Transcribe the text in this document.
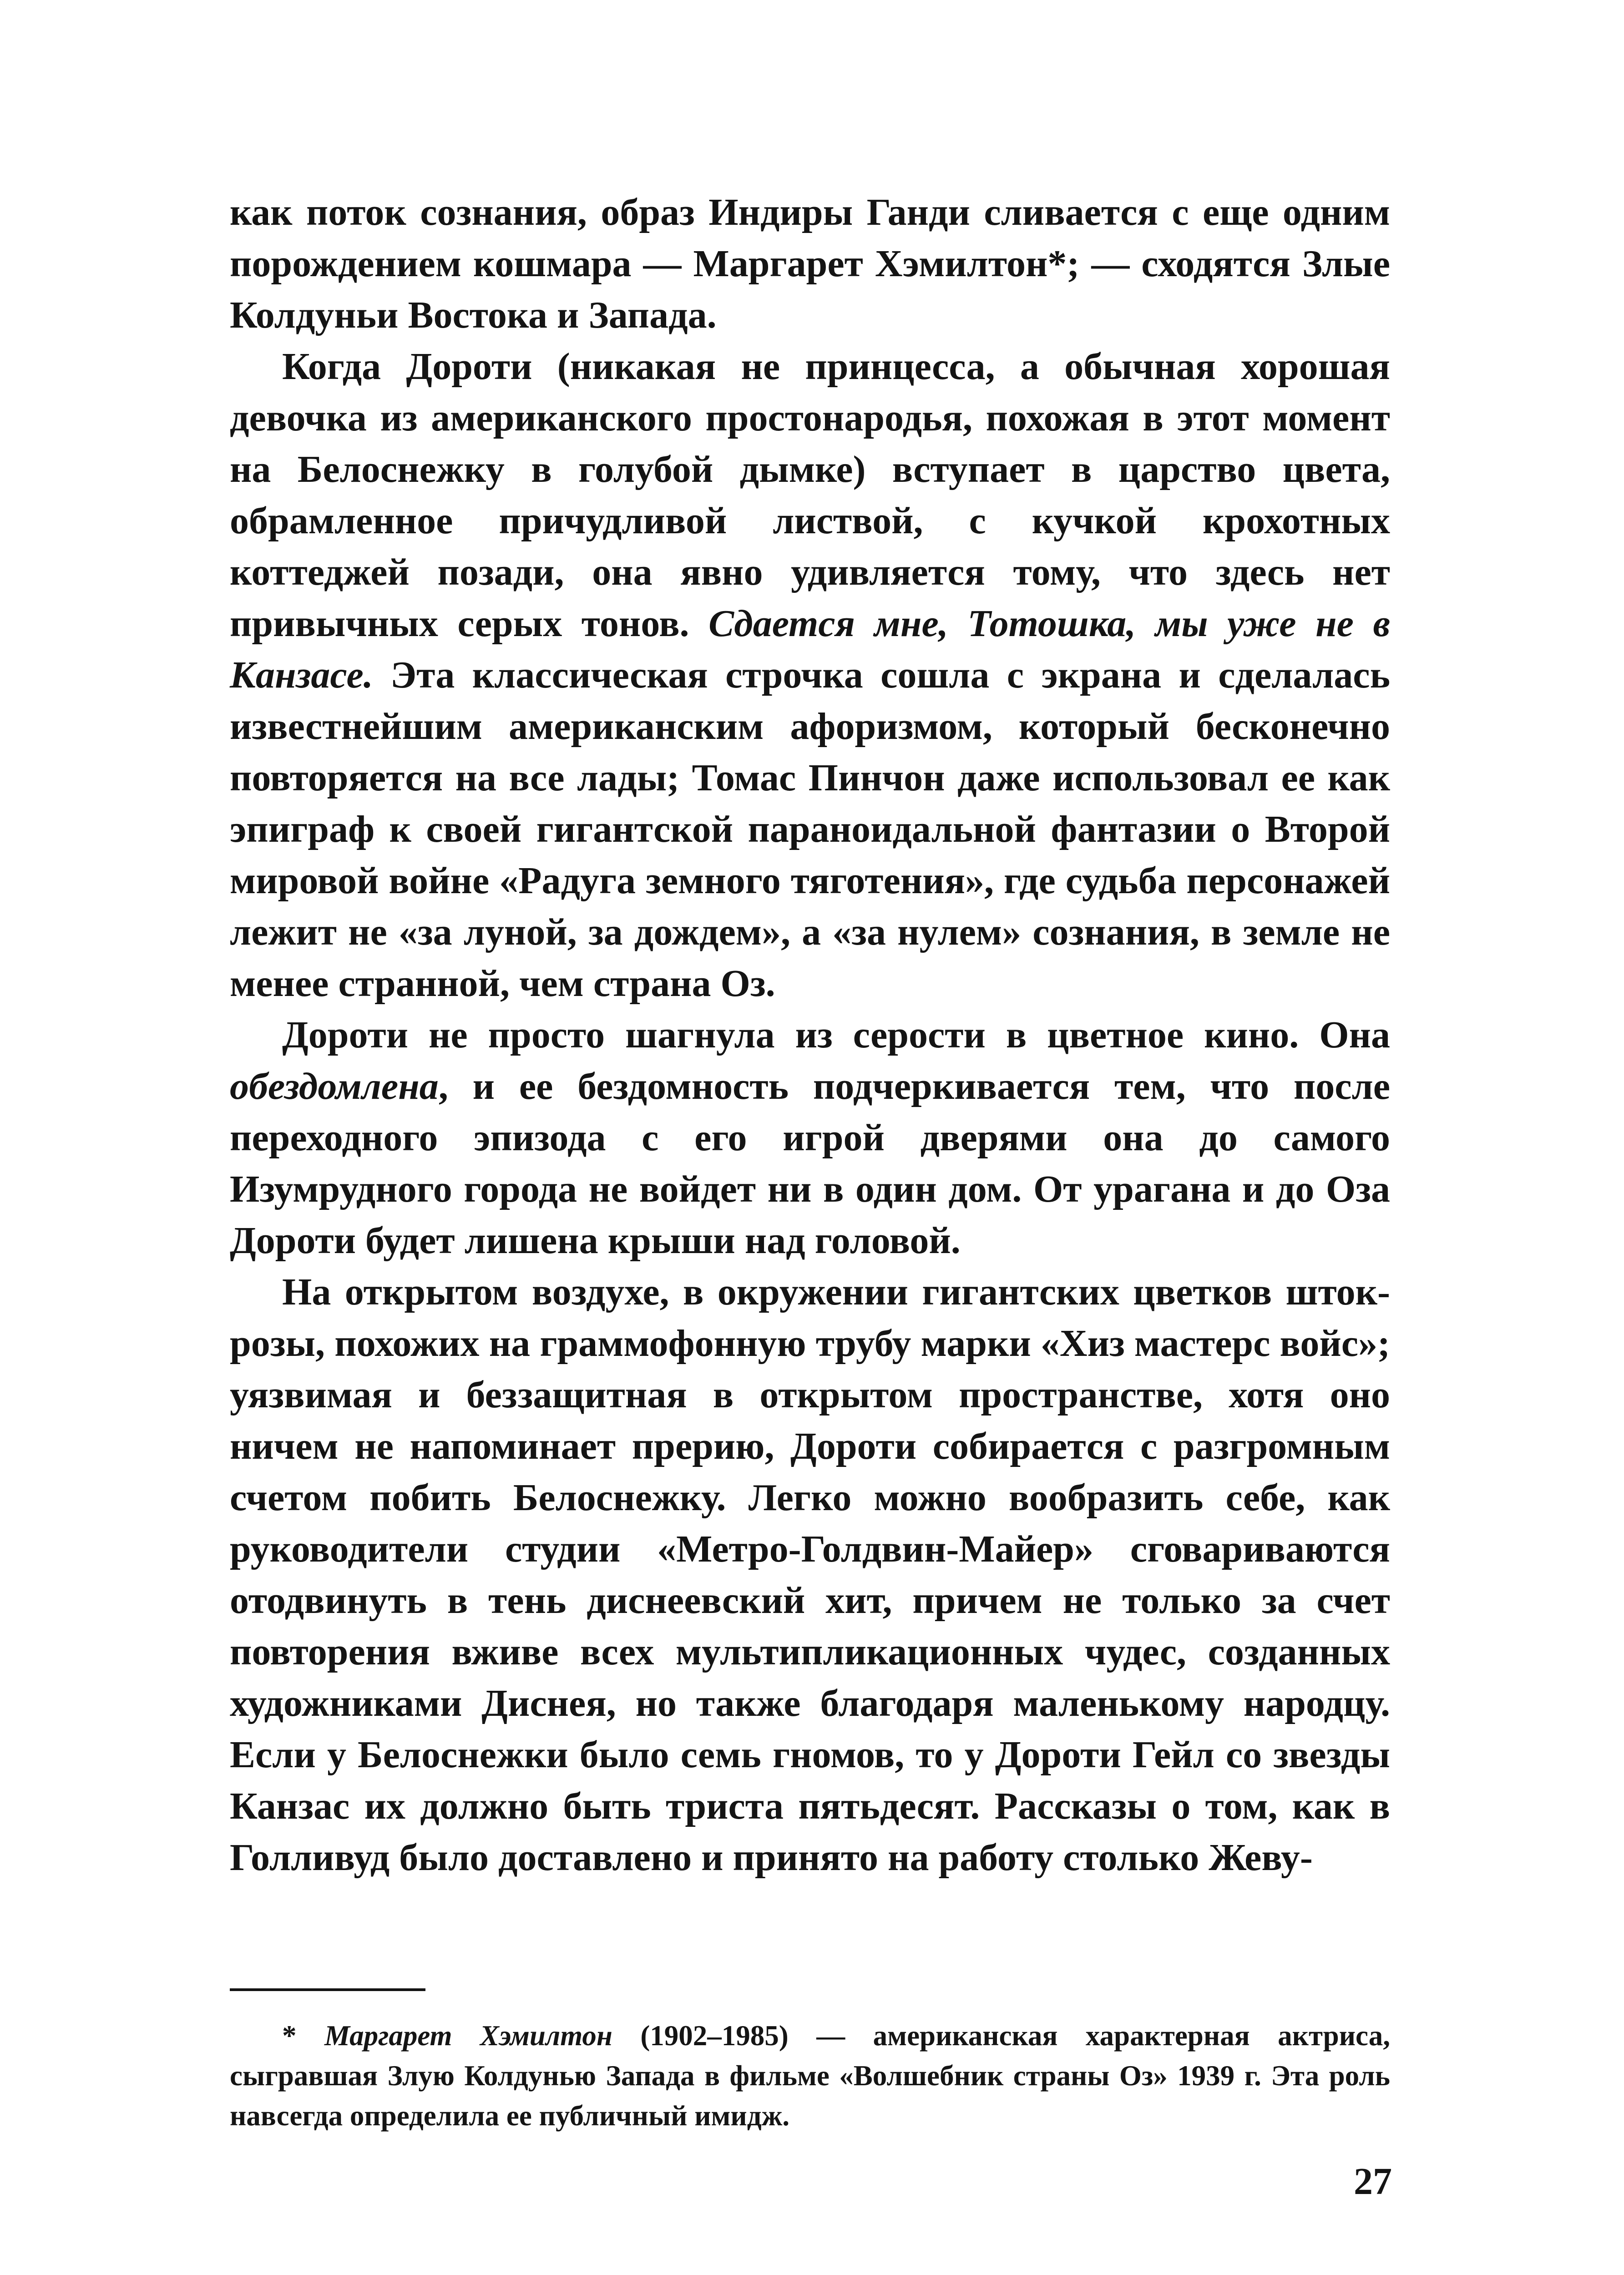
как поток сознания, образ Индиры Ганди сливается с еще одним порождением кошмара — Маргарет Хэмилтон*; — сходятся Злые Колдуньи Востока и Запада.

Когда Дороти (никакая не принцесса, а обычная хорошая девочка из американского простонародья, похожая в этот момент на Белоснежку в голубой дымке) вступает в царство цвета, обрамленное причудливой листвой, с кучкой крохотных коттеджей позади, она явно удивляется тому, что здесь нет привычных серых тонов. Сдается мне, Тотошка, мы уже не в Канзасе. Эта классическая строчка сошла с экрана и сделалась известнейшим американским афоризмом, который бесконечно повторяется на все лады; Томас Пинчон даже использовал ее как эпиграф к своей гигантской параноидальной фантазии о Второй мировой войне «Радуга земного тяготения», где судьба персонажей лежит не «за луной, за дождем», а «за нулем» сознания, в земле не менее странной, чем страна Оз.

Дороти не просто шагнула из серости в цветное кино. Она обездомлена, и ее бездомность подчеркивается тем, что после переходного эпизода с его игрой дверями она до самого Изумрудного города не войдет ни в один дом. От урагана и до Оза Дороти будет лишена крыши над головой.

На открытом воздухе, в окружении гигантских цветков шток-розы, похожих на граммофонную трубу марки «Хиз мастерс войс»; уязвимая и беззащитная в открытом пространстве, хотя оно ничем не напоминает прерию, Дороти собирается с разгромным счетом побить Белоснежку. Легко можно вообразить себе, как руководители студии «Метро-Голдвин-Майер» сговариваются отодвинуть в тень диснеевский хит, причем не только за счет повторения вживе всех мультипликационных чудес, созданных художниками Диснея, но также благодаря маленькому народцу. Если у Белоснежки было семь гномов, то у Дороти Гейл со звезды Канзас их должно быть триста пятьдесят. Рассказы о том, как в Голливуд было доставлено и принято на работу столько Жеву-

* Маргарет Хэмилтон (1902–1985) — американская характерная актриса, сыгравшая Злую Колдунью Запада в фильме «Волшебник страны Оз» 1939 г. Эта роль навсегда определила ее публичный имидж.
27
